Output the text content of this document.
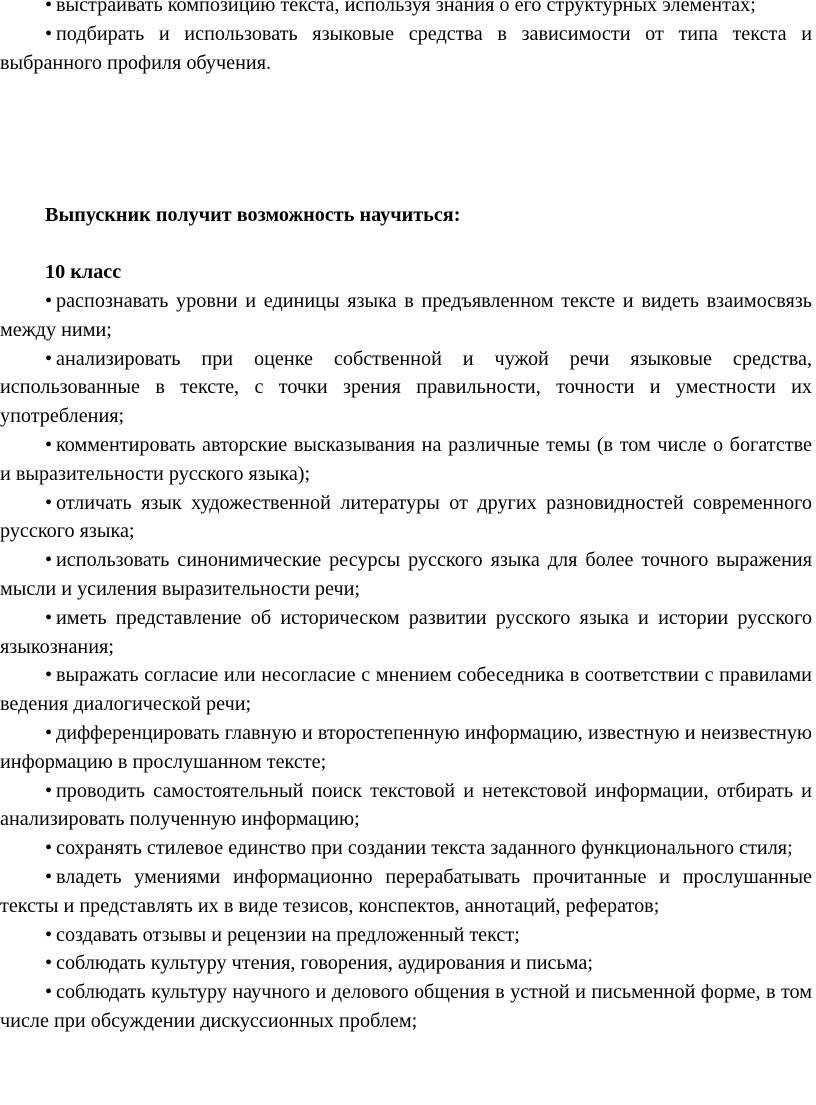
• выстраивать композицию текста, используя знания о его структурных элементах;

• подбирать и использовать языковые средства в зависимости от типа текста и выбранного профиля обучения.

Выпускник получит возможность научиться:

10 класс

• распознавать уровни и единицы языка в предъявленном тексте и видеть взаимосвязь между ними;

• анализировать при оценке собственной и чужой речи языковые средства, использованные в тексте, с точки зрения правильности, точности и уместности их употребления;

• комментировать авторские высказывания на различные темы (в том числе о богатстве и выразительности русского языка);

• отличать язык художественной литературы от других разновидностей современного русского языка;

• использовать синонимические ресурсы русского языка для более точного выражения мысли и усиления выразительности речи;

• иметь представление об историческом развитии русского языка и истории русского языкознания;

• выражать согласие или несогласие с мнением собеседника в соответствии с правилами ведения диалогической речи;

• дифференцировать главную и второстепенную информацию, известную и неизвестную информацию в прослушанном тексте;

• проводить самостоятельный поиск текстовой и нетекстовой информации, отбирать и анализировать полученную информацию;

• сохранять стилевое единство при создании текста заданного функционального стиля;

• владеть умениями информационно перерабатывать прочитанные и прослушанные тексты и представлять их в виде тезисов, конспектов, аннотаций, рефератов;

• создавать отзывы и рецензии на предложенный текст;

• соблюдать культуру чтения, говорения, аудирования и письма;

• соблюдать культуру научного и делового общения в устной и письменной форме, в том числе при обсуждении дискуссионных проблем;
